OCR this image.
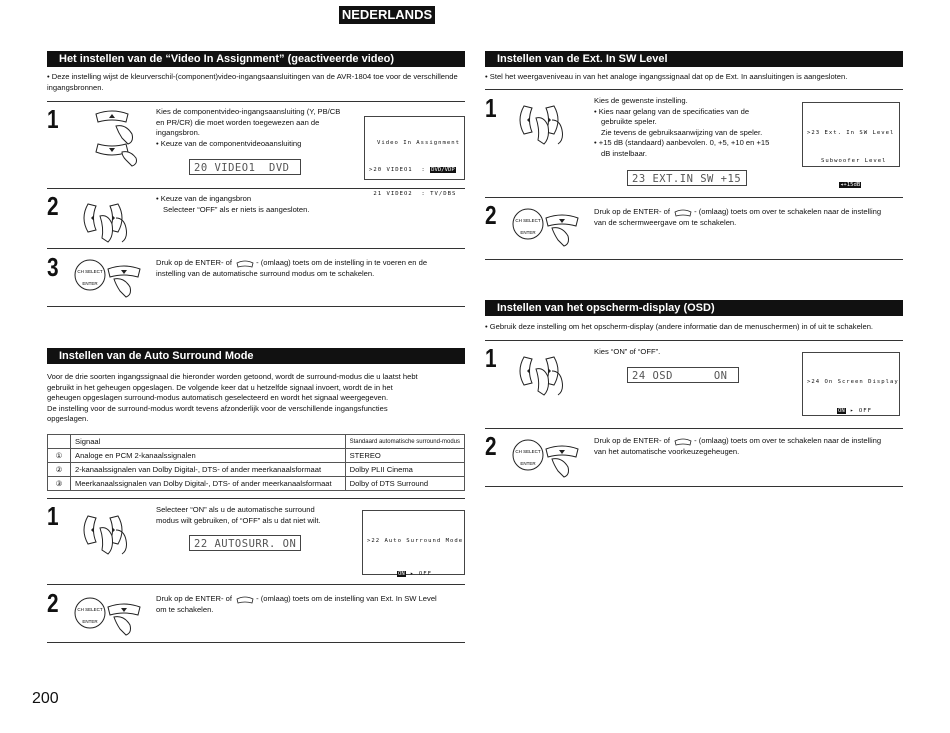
NEDERLANDS
Het instellen van de “Video In Assignment” (geactiveerde video)
• Deze instelling wijst de kleurverschil-(component)video-ingangsaansluitingen van de AVR-1804 toe voor de verschillende ingangsbronnen.
1	Kies de componentvideo-ingangsaansluiting (Y, PB/CB
en PR/CR) die moet worden toegewezen aan de
ingangsbron.
• Keuze van de componentvideoaansluiting
20 VIDEO1  DVD

Video In Assignment

>20 VIDEO1  : DVD/VDP

21 VIDEO2  : TV/DBS

2	• Keuze van de ingangsbron
Selecteer “OFF” als er niets is aangesloten.
3	CH SELECT
ENTER
Druk op de ENTER- of	- (omlaag) toets om de instelling in te voeren en de
instelling van de automatische surround modus om te schakelen.
Instellen van de Auto Surround Mode
Voor de drie soorten ingangssignaal die hieronder worden getoond, wordt de surround-modus die u laatst hebt
gebruikt in het geheugen opgeslagen. De volgende keer dat u hetzelfde signaal invoert, wordt de in het
geheugen opgeslagen surround-modus automatisch geselecteerd en wordt het signaal weergegeven.
De instelling voor de surround-modus wordt tevens afzonderlijk voor de verschillende ingangsfuncties
opgeslagen.
	Signaal	Standaard automatische surround-modus
①	Analoge en PCM 2-kanaalssignalen	STEREO
②	2-kanaalssignalen van Dolby Digital-, DTS- of ander meerkanaalsformaat	Dolby PLII Cinema
③	Meerkanaalssignalen van Dolby Digital-, DTS- of ander meerkanaalsformaat	Dolby of DTS Surround
1	Selecteer “ON” als u de automatische surround
modus wilt gebruiken, of “OFF” als u dat niet wilt.
22 AUTOSURR. ON

	>22 Auto Surround Mode

ON ▸ OFF

2	CH SELECT
ENTER
Druk op de ENTER- of	- (omlaag) toets om de instelling van Ext. In SW Level
om te schakelen.
Instellen van de Ext. In SW Level
• Stel het weergaveniveau in van het analoge ingangssignaal dat op de Ext. In aansluitingen is aangesloten.
1	Kies de gewenste instelling.
• Kies naar gelang van de specificaties van de
gebruikte speler.
Zie tevens de gebruiksaanwijzing van de speler.
• +15 dB (standaard) aanbevolen. 0, +5, +10 en +15
dB instelbaar.
23 EXT.IN SW +15

>23 Ext. In SW Level

Subwoofer Level

◂+15dB

2	CH SELECT
ENTER
Druk op de ENTER- of	- (omlaag) toets om over te schakelen naar de instelling
van de schermweergave om te schakelen.
Instellen van het opscherm-display (OSD)
• Gebruik deze instelling om het opscherm-display (andere informatie dan de menuschermen) in of uit te schakelen.
1	Kies “ON” of “OFF”.
24 OSD      ON

	>24 On Screen Display

ON ▸ OFF

2	CH SELECT
ENTER
Druk op de ENTER- of	- (omlaag) toets om over te schakelen naar de instelling
van het automatische voorkeuzegeheugen.
200
